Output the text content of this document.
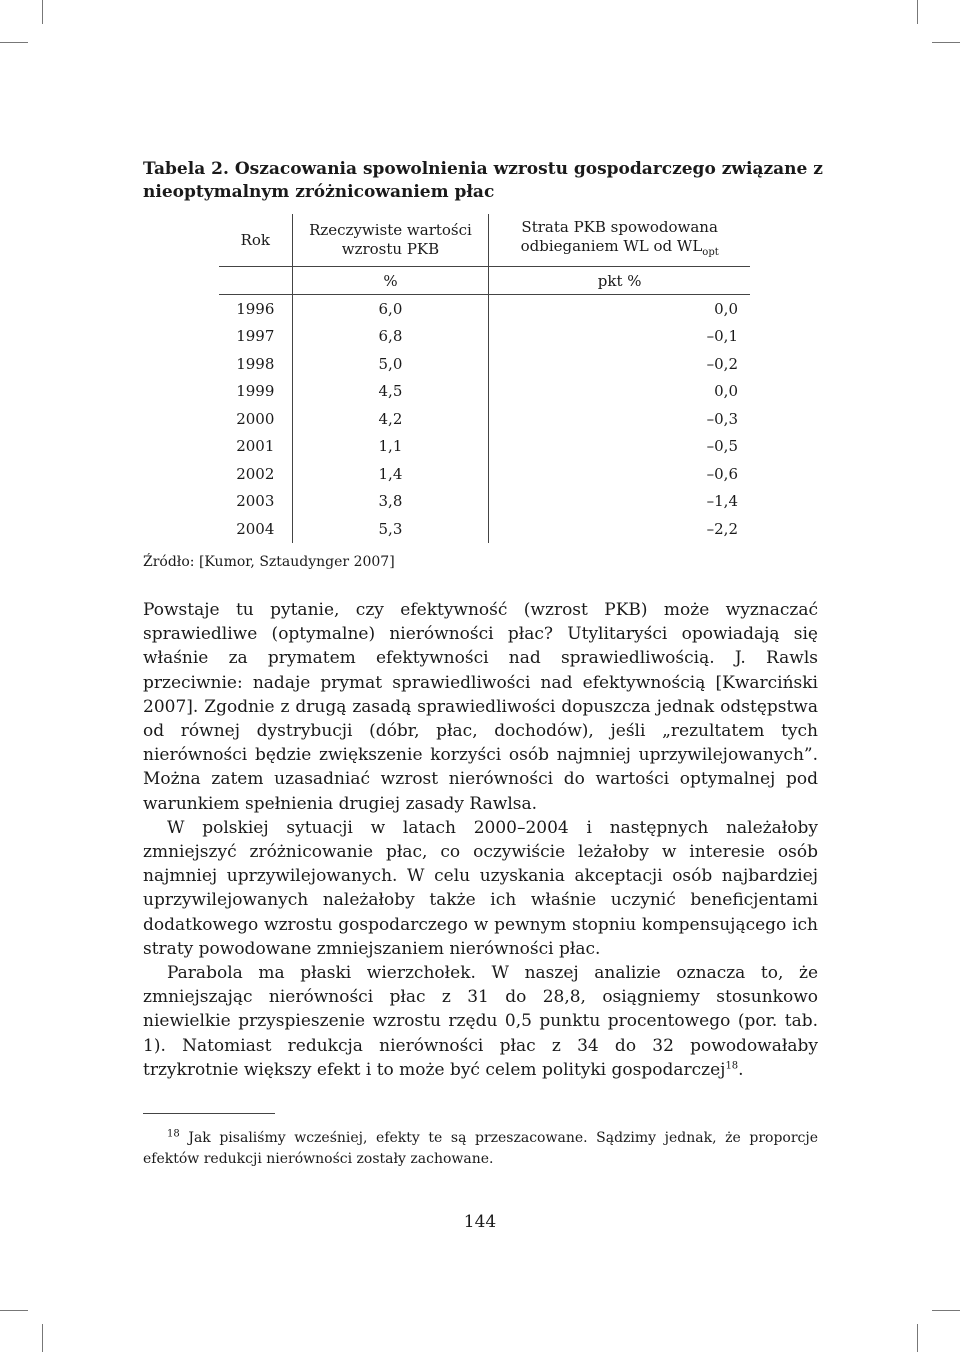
Tabela 2. Oszacowania spowolnienia wzrostu gospodarczego związane z nieoptymalnym zróżnicowaniem płac
Rok	Rzeczywiste wartości wzrostu PKB	Strata PKB spowodowana odbieganiem WL od $WL_{opt}$
	%	pkt %
1996	6,0	0,0
1997	6,8	–0,1
1998	5,0	–0,2
1999	4,5	0,0
2000	4,2	–0,3
2001	1,1	–0,5
2002	1,4	–0,6
2003	3,8	–1,4
2004	5,3	–2,2
Źródło: [Kumor, Sztaudynger 2007]

Powstaje tu pytanie, czy efektywność (wzrost PKB) może wyznaczać sprawiedliwe (optymalne) nierówności płac? Utylitaryści opowiadają się właśnie za prymatem efektywności nad sprawiedliwością. J. Rawls przeciwnie: nadaje prymat sprawiedliwości nad efektywnością [Kwarciński 2007]. Zgodnie z drugą zasadą sprawiedliwości dopuszcza jednak odstępstwa od równej dystrybucji (dóbr, płac, dochodów), jeśli „rezultatem tych nierówności będzie zwiększenie korzyści osób najmniej uprzywilejowanych”. Można zatem uzasadniać wzrost nierówności do wartości optymalnej pod warunkiem spełnienia drugiej zasady Rawlsa.

W polskiej sytuacji w latach 2000–2004 i następnych należałoby zmniejszyć zróżnicowanie płac, co oczywiście leżałoby w interesie osób najmniej uprzywilejowanych. W celu uzyskania akceptacji osób najbardziej uprzywilejowanych należałoby także ich właśnie uczynić beneficjentami dodatkowego wzrostu gospodarczego w pewnym stopniu kompensującego ich straty powodowane zmniejszaniem nierówności płac.

Parabola ma płaski wierzchołek. W naszej analizie oznacza to, że zmniejszając nierówności płac z 31 do 28,8, osiągniemy stosunkowo niewielkie przyspieszenie wzrostu rzędu 0,5 punktu procentowego (por. tab. 1). Natomiast redukcja nierówności płac z 34 do 32 powodowałaby trzykrotnie większy efekt i to może być celem polityki gospodarczej$^{18}$.

$^{18}$ Jak pisaliśmy wcześniej, efekty te są przeszacowane. Sądzimy jednak, że proporcje efektów redukcji nierówności zostały zachowane.
144
